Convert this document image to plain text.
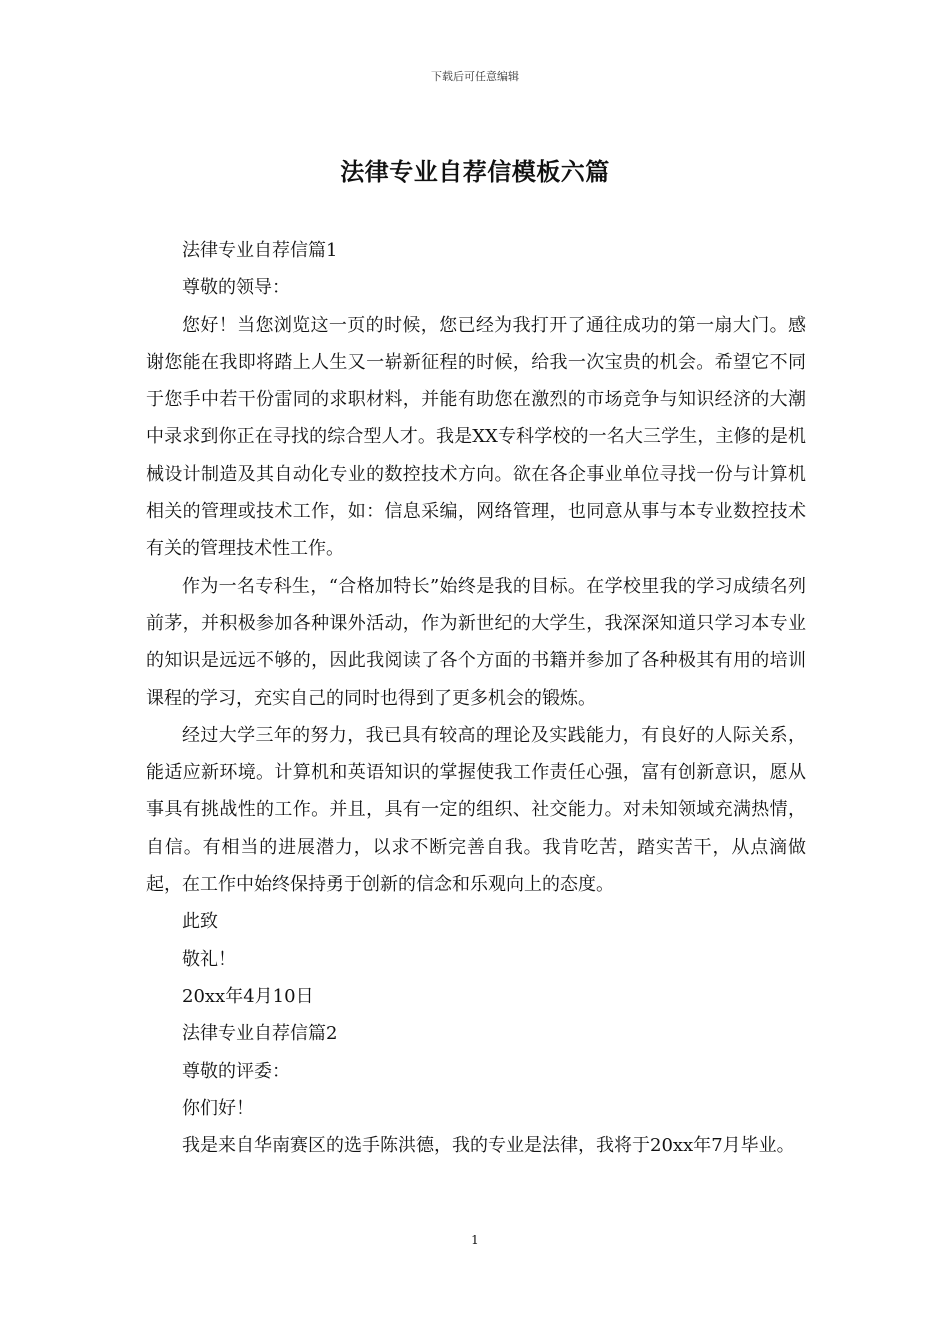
下载后可任意编辑
法律专业自荐信模板六篇

法律专业自荐信篇1

尊敬的领导：

您好！当您浏览这一页的时候，您已经为我打开了通往成功的第一扇大门。感谢您能在我即将踏上人生又一崭新征程的时候，给我一次宝贵的机会。希望它不同于您手中若干份雷同的求职材料，并能有助您在激烈的市场竞争与知识经济的大潮中录求到你正在寻找的综合型人才。我是XX专科学校的一名大三学生，主修的是机械设计制造及其自动化专业的数控技术方向。欲在各企事业单位寻找一份与计算机相关的管理或技术工作，如：信息采编，网络管理，也同意从事与本专业数控技术有关的管理技术性工作。

作为一名专科生，“合格加特长”始终是我的目标。在学校里我的学习成绩名列前茅，并积极参加各种课外活动，作为新世纪的大学生，我深深知道只学习本专业的知识是远远不够的，因此我阅读了各个方面的书籍并参加了各种极其有用的培训课程的学习，充实自己的同时也得到了更多机会的锻炼。

经过大学三年的努力，我已具有较高的理论及实践能力，有良好的人际关系，能适应新环境。计算机和英语知识的掌握使我工作责任心强，富有创新意识，愿从事具有挑战性的工作。并且，具有一定的组织、社交能力。对未知领域充满热情，自信。有相当的进展潜力，以求不断完善自我。我肯吃苦，踏实苦干，从点滴做起，在工作中始终保持勇于创新的信念和乐观向上的态度。

此致

敬礼！

20xx年4月10日

法律专业自荐信篇2

尊敬的评委：

你们好！

我是来自华南赛区的选手陈洪德，我的专业是法律，我将于20xx年7月毕业。

1
